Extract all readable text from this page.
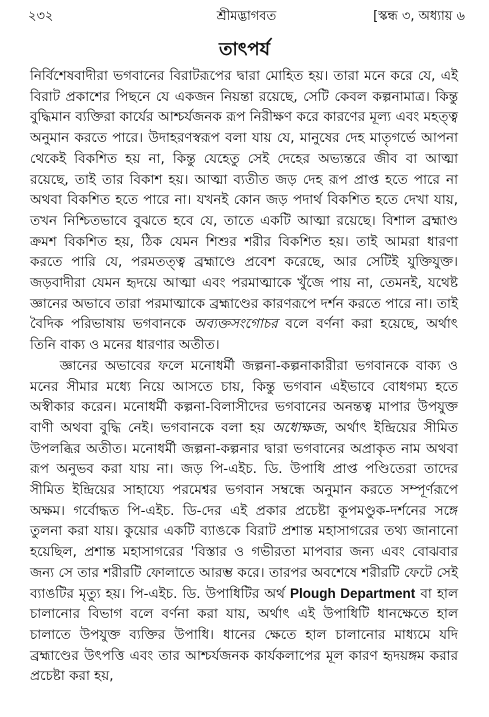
২৩২	শ্রীমদ্ভাগবত	[স্কন্ধ ৩, অধ্যায় ৬
তাৎপর্য

নির্বিশেষবাদীরা ভগবানের বিরাটরূপের দ্বারা মোহিত হয়। তারা মনে করে যে, এই বিরাট প্রকাশের পিছনে যে একজন নিয়ন্তা রয়েছে, সেটি কেবল কল্পনামাত্র। কিন্তু বুদ্ধিমান ব্যক্তিরা কার্যের আশ্চর্যজনক রূপ নিরীক্ষণ করে কারণের মূল্য এবং মহত্ত্ব অনুমান করতে পারে। উদাহরণস্বরূপ বলা যায় যে, মানুষের দেহ মাতৃগর্ভে আপনা থেকেই বিকশিত হয় না, কিন্তু যেহেতু সেই দেহের অভ্যন্তরে জীব বা আত্মা রয়েছে, তাই তার বিকাশ হয়। আত্মা ব্যতীত জড় দেহ রূপ প্রাপ্ত হতে পারে না অথবা বিকশিত হতে পারে না। যখনই কোন জড় পদার্থ বিকশিত হতে দেখা যায়, তখন নিশ্চিতভাবে বুঝতে হবে যে, তাতে একটি আত্মা রয়েছে। বিশাল ব্রহ্মাণ্ড ক্রমশ বিকশিত হয়, ঠিক যেমন শিশুর শরীর বিকশিত হয়। তাই আমরা ধারণা করতে পারি যে, পরমতত্ত্ব ব্রহ্মাণ্ডে প্রবেশ করেছে, আর সেটিই যুক্তিযুক্ত। জড়বাদীরা যেমন হৃদয়ে আত্মা এবং পরমাত্মাকে খুঁজে পায় না, তেমনই, যথেষ্ট জ্ঞানের অভাবে তারা পরমাত্মাকে ব্রহ্মাণ্ডের কারণরূপে দর্শন করতে পারে না। তাই বৈদিক পরিভাষায় ভগবানকে অব্যক্তসংগোচর বলে বর্ণনা করা হয়েছে, অর্থাৎ তিনি বাক্য ও মনের ধারণার অতীত।

জ্ঞানের অভাবের ফলে মনোধর্মী জল্পনা-কল্পনাকারীরা ভগবানকে বাক্য ও মনের সীমার মধ্যে নিয়ে আসতে চায়, কিন্তু ভগবান এইভাবে বোধগম্য হতে অস্বীকার করেন। মনোধর্মী কল্পনা-বিলাসীদের ভগবানের অনন্তত্ব মাপার উপযুক্ত বাণী অথবা বুদ্ধি নেই। ভগবানকে বলা হয় অধোক্ষজ, অর্থাৎ ইন্দ্রিয়ের সীমিত উপলব্ধির অতীত। মনোধর্মী জল্পনা-কল্পনার দ্বারা ভগবানের অপ্রাকৃত নাম অথবা রূপ অনুভব করা যায় না। জড় পি-এইচ. ডি. উপাধি প্রাপ্ত পণ্ডিতেরা তাদের সীমিত ইন্দ্রিয়ের সাহায্যে পরমেশ্বর ভগবান সম্বন্ধে অনুমান করতে সম্পূর্ণরূপে অক্ষম। গর্বোদ্ধত পি-এইচ. ডি-দের এই প্রকার প্রচেষ্টা কূপমণ্ডুক-দর্শনের সঙ্গে তুলনা করা যায়। কুয়োর একটি ব্যাঙকে বিরাট প্রশান্ত মহাসাগরের তথ্য জানানো হয়েছিল, প্রশান্ত মহাসাগরের 'বিস্তার ও গভীরতা মাপবার জন্য এবং বোঝবার জন্য সে তার শরীরটি ফোলাতে আরম্ভ করে। তারপর অবশেষে শরীরটি ফেটে সেই ব্যাঙটির মৃত্যু হয়। পি-এইচ. ডি. উপাধিটির অর্থ Plough Department বা হাল চালানোর বিভাগ বলে বর্ণনা করা যায়, অর্থাৎ এই উপাধিটি ধানক্ষেতে হাল চালাতে উপযুক্ত ব্যক্তির উপাধি। ধানের ক্ষেতে হাল চালানোর মাধ্যমে যদি ব্রহ্মাণ্ডের উৎপত্তি এবং তার আশ্চর্যজনক কার্যকলাপের মূল কারণ হৃদয়ঙ্গম করার প্রচেষ্টা করা হয়,
